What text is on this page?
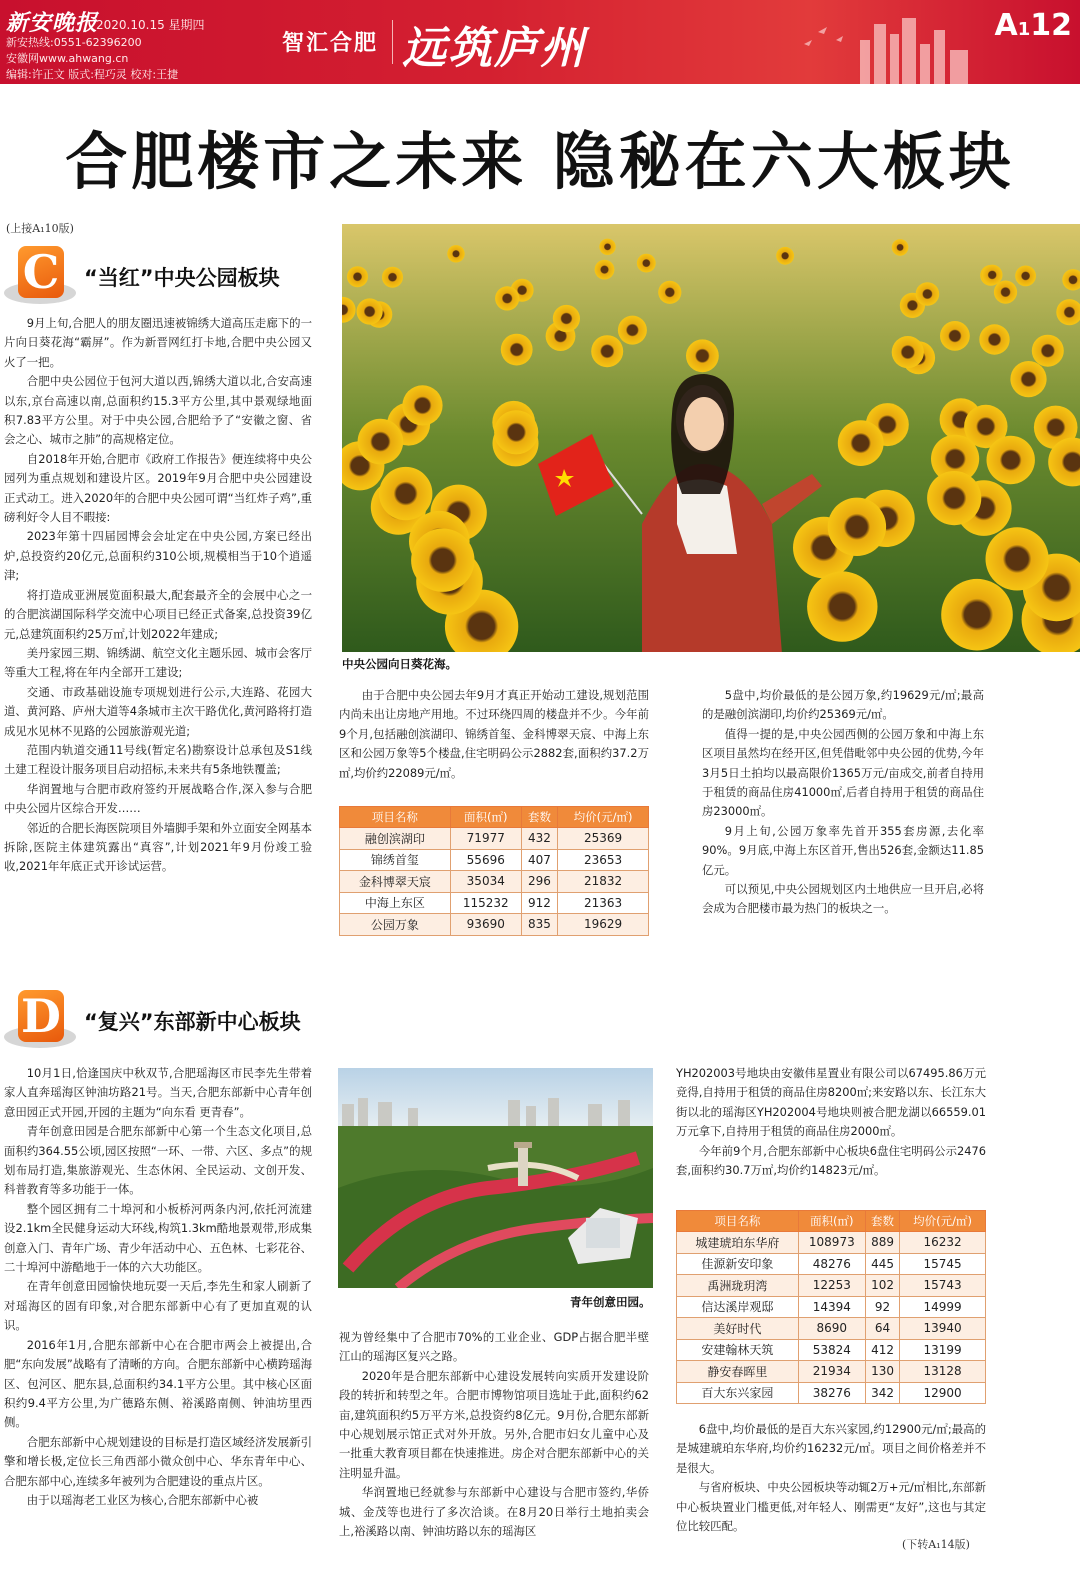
新安晚报
2020.10.15 星期四
新安热线:0551-62396200
安徽网www.ahwang.cn
编辑:许正文 版式:程巧灵 校对:王捷
智汇合肥 远筑庐州	A112
合肥楼市之未来 隐秘在六大板块
(上接A₁10版)
C “当红”中央公园板块

9月上旬,合肥人的朋友圈迅速被锦绣大道高压走廊下的一片向日葵花海“霸屏”。作为新晋网红打卡地,合肥中央公园又火了一把。

合肥中央公园位于包河大道以西,锦绣大道以北,合安高速以东,京台高速以南,总面积约15.3平方公里,其中景观绿地面积7.83平方公里。对于中央公园,合肥给予了“安徽之窗、省会之心、城市之肺”的高规格定位。

自2018年开始,合肥市《政府工作报告》便连续将中央公园列为重点规划和建设片区。2019年9月合肥中央公园建设正式动工。进入2020年的合肥中央公园可谓“当红炸子鸡”,重磅利好令人目不暇接:

2023年第十四届园博会会址定在中央公园,方案已经出炉,总投资约20亿元,总面积约310公顷,规模相当于10个逍遥津;

将打造成亚洲展览面积最大,配套最齐全的会展中心之一的合肥滨湖国际科学交流中心项目已经正式备案,总投资39亿元,总建筑面积约25万㎡,计划2022年建成;

美丹家园三期、锦绣湖、航空文化主题乐园、城市会客厅等重大工程,将在年内全部开工建设;

交通、市政基础设施专项规划进行公示,大连路、花园大道、黄河路、庐州大道等4条城市主次干路优化,黄河路将打造成见水见林不见路的公园旅游观光道;

范围内轨道交通11号线(暂定名)勘察设计总承包及S1线土建工程设计服务项目启动招标,未来共有5条地铁覆盖;

华润置地与合肥市政府签约开展战略合作,深入参与合肥中央公园片区综合开发……

邻近的合肥长海医院项目外墙脚手架和外立面安全网基本拆除,医院主体建筑露出“真容”,计划2021年9月份竣工验收,2021年年底正式开诊试运营。

中央公园向日葵花海。

由于合肥中央公园去年9月才真正开始动工建设,规划范围内尚未出让房地产用地。不过环绕四周的楼盘并不少。今年前9个月,包括融创滨湖印、锦绣首玺、金科博翠天宸、中海上东区和公园万象等5个楼盘,住宅明码公示2882套,面积约37.2万㎡,均价约22089元/㎡。

项目名称	面积(㎡)	套数	均价(元/㎡)
融创滨湖印	71977	432	25369
锦绣首玺	55696	407	23653
金科博翠天宸	35034	296	21832
中海上东区	115232	912	21363
公园万象	93690	835	19629

5盘中,均价最低的是公园万象,约19629元/㎡;最高的是融创滨湖印,均价约25369元/㎡。

值得一提的是,中央公园西侧的公园万象和中海上东区项目虽然均在经开区,但凭借毗邻中央公园的优势,今年3月5日土拍均以最高限价1365万元/亩成交,前者自持用于租赁的商品住房41000㎡,后者自持用于租赁的商品住房23000㎡。

9月上旬,公园万象率先首开355套房源,去化率90%。9月底,中海上东区首开,售出526套,金额达11.85亿元。

可以预见,中央公园规划区内土地供应一旦开启,必将会成为合肥楼市最为热门的板块之一。

D “复兴”东部新中心板块

10月1日,恰逢国庆中秋双节,合肥瑶海区市民李先生带着家人直奔瑶海区钟油坊路21号。当天,合肥东部新中心青年创意田园正式开园,开园的主题为“向东看 更青春”。

青年创意田园是合肥东部新中心第一个生态文化项目,总面积约364.55公顷,园区按照“一环、一带、六区、多点”的规划布局打造,集旅游观光、生态休闲、全民运动、文创开发、科普教育等多功能于一体。

整个园区拥有二十埠河和小板桥河两条内河,依托河流建设2.1km全民健身运动大环线,构筑1.3km酷地景观带,形成集创意入门、青年广场、青少年活动中心、五色林、七彩花谷、二十埠河中游酷地于一体的六大功能区。

在青年创意田园愉快地玩耍一天后,李先生和家人刷新了对瑶海区的固有印象,对合肥东部新中心有了更加直观的认识。

2016年1月,合肥东部新中心在合肥市两会上被提出,合肥“东向发展”战略有了清晰的方向。合肥东部新中心横跨瑶海区、包河区、肥东县,总面积约34.1平方公里。其中核心区面积约9.4平方公里,为广德路东侧、裕溪路南侧、钟油坊里西侧。

合肥东部新中心规划建设的目标是打造区域经济发展新引擎和增长极,定位长三角西部小微众创中心、华东青年中心、合肥东部中心,连续多年被列为合肥建设的重点片区。

由于以瑶海老工业区为核心,合肥东部新中心被

青年创意田园。

视为曾经集中了合肥市70%的工业企业、GDP占据合肥半壁江山的瑶海区复兴之路。

2020年是合肥东部新中心建设发展转向实质开发建设阶段的转折和转型之年。合肥市博物馆项目选址于此,面积约62亩,建筑面积约5万平方米,总投资约8亿元。9月份,合肥东部新中心规划展示馆正式对外开放。另外,合肥市妇女儿童中心及一批重大教育项目都在快速推进。房企对合肥东部新中心的关注明显升温。

华润置地已经就参与东部新中心建设与合肥市签约,华侨城、金茂等也进行了多次洽谈。在8月20日举行土地拍卖会上,裕溪路以南、钟油坊路以东的瑶海区

YH202003号地块由安徽伟星置业有限公司以67495.86万元竞得,自持用于租赁的商品住房8200㎡;来安路以东、长江东大街以北的瑶海区YH202004号地块则被合肥龙湖以66559.01万元拿下,自持用于租赁的商品住房2000㎡。

今年前9个月,合肥东部新中心板块6盘住宅明码公示2476套,面积约30.7万㎡,均价约14823元/㎡。

项目名称	面积(㎡)	套数	均价(元/㎡)
城建琥珀东华府	108973	889	16232
佳源新安印象	48276	445	15745
禹洲珑玥湾	12253	102	15743
信达溪岸观邸	14394	92	14999
美好时代	8690	64	13940
安建翰林天筑	53824	412	13199
静安春晖里	21934	130	13128
百大东兴家园	38276	342	12900

6盘中,均价最低的是百大东兴家园,约12900元/㎡;最高的是城建琥珀东华府,均价约16232元/㎡。项目之间价格差并不是很大。

与省府板块、中央公园板块等动辄2万+元/㎡相比,东部新中心板块置业门槛更低,对年轻人、刚需更“友好”,这也与其定位比较匹配。

(下转A₁14版)
